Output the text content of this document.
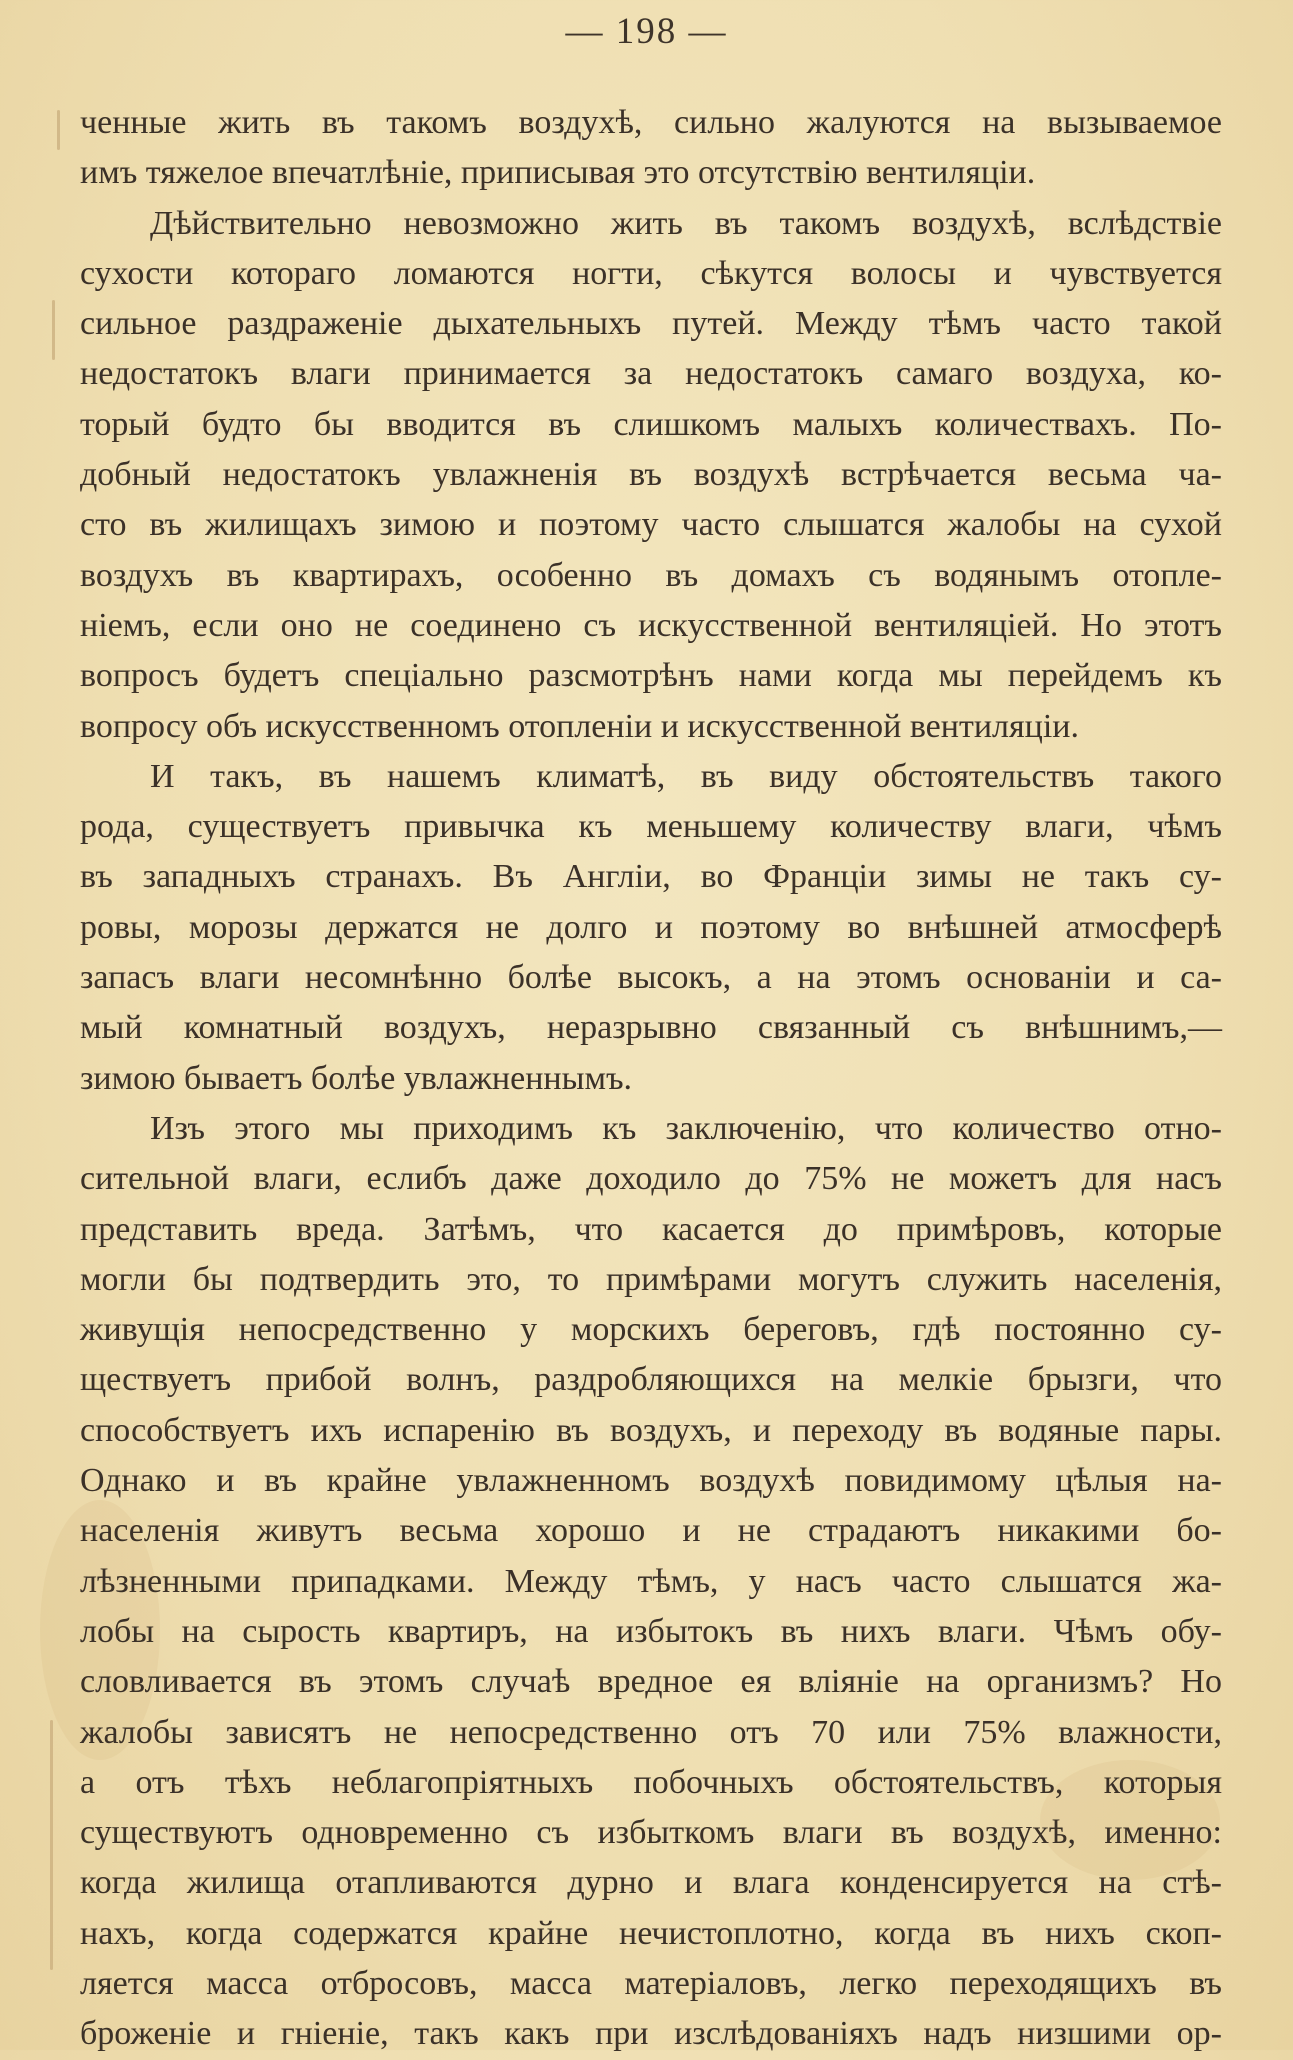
— 198 —
ченные жить въ такомъ воздухѣ, сильно жалуются на вызываемое
имъ тяжелое впечатлѣніе, приписывая это отсутствію вентиляціи.
Дѣйствительно невозможно жить въ такомъ воздухѣ, вслѣдствіе
сухости котораго ломаются ногти, сѣкутся волосы и чувствуется
сильное раздраженіе дыхательныхъ путей. Между тѣмъ часто такой
недостатокъ влаги принимается за недостатокъ самаго воздуха, ко-
торый будто бы вводится въ слишкомъ малыхъ количествахъ. По-
добный недостатокъ увлажненія въ воздухѣ встрѣчается весьма ча-
сто въ жилищахъ зимою и поэтому часто слышатся жалобы на сухой
воздухъ въ квартирахъ, особенно въ домахъ съ водянымъ отопле-
ніемъ, если оно не соединено съ искусственной вентиляціей. Но этотъ
вопросъ будетъ спеціально разсмотрѣнъ нами когда мы перейдемъ къ
вопросу объ искусственномъ отопленіи и искусственной вентиляціи.
И такъ, въ нашемъ климатѣ, въ виду обстоятельствъ такого
рода, существуетъ привычка къ меньшему количеству влаги, чѣмъ
въ западныхъ странахъ. Въ Англіи, во Франціи зимы не такъ су-
ровы, морозы держатся не долго и поэтому во внѣшней атмосферѣ
запасъ влаги несомнѣнно болѣе высокъ, а на этомъ основаніи и са-
мый комнатный воздухъ, неразрывно связанный съ внѣшнимъ,—
зимою бываетъ болѣе увлажненнымъ.
Изъ этого мы приходимъ къ заключенію, что количество отно-
сительной влаги, еслибъ даже доходило до 75% не можетъ для насъ
представить вреда. Затѣмъ, что касается до примѣровъ, которые
могли бы подтвердить это, то примѣрами могутъ служить населенія,
живущія непосредственно у морскихъ береговъ, гдѣ постоянно су-
ществуетъ прибой волнъ, раздробляющихся на мелкіе брызги, что
способствуетъ ихъ испаренію въ воздухъ, и переходу въ водяные пары.
Однако и въ крайне увлажненномъ воздухѣ повидимому цѣлыя на-
населенія живутъ весьма хорошо и не страдаютъ никакими бо-
лѣзненными припадками. Между тѣмъ, у насъ часто слышатся жа-
лобы на сырость квартиръ, на избытокъ въ нихъ влаги. Чѣмъ обу-
словливается въ этомъ случаѣ вредное ея вліяніе на организмъ? Но
жалобы зависятъ не непосредственно отъ 70 или 75% влажности,
а отъ тѣхъ неблагопріятныхъ побочныхъ обстоятельствъ, которыя
существуютъ одновременно съ избыткомъ влаги въ воздухѣ, именно:
когда жилища отапливаются дурно и влага конденсируется на стѣ-
нахъ, когда содержатся крайне нечистоплотно, когда въ нихъ скоп-
ляется масса отбросовъ, масса матеріаловъ, легко переходящихъ въ
броженіе и гніеніе, такъ какъ при изслѣдованіяхъ надъ низшими ор-
